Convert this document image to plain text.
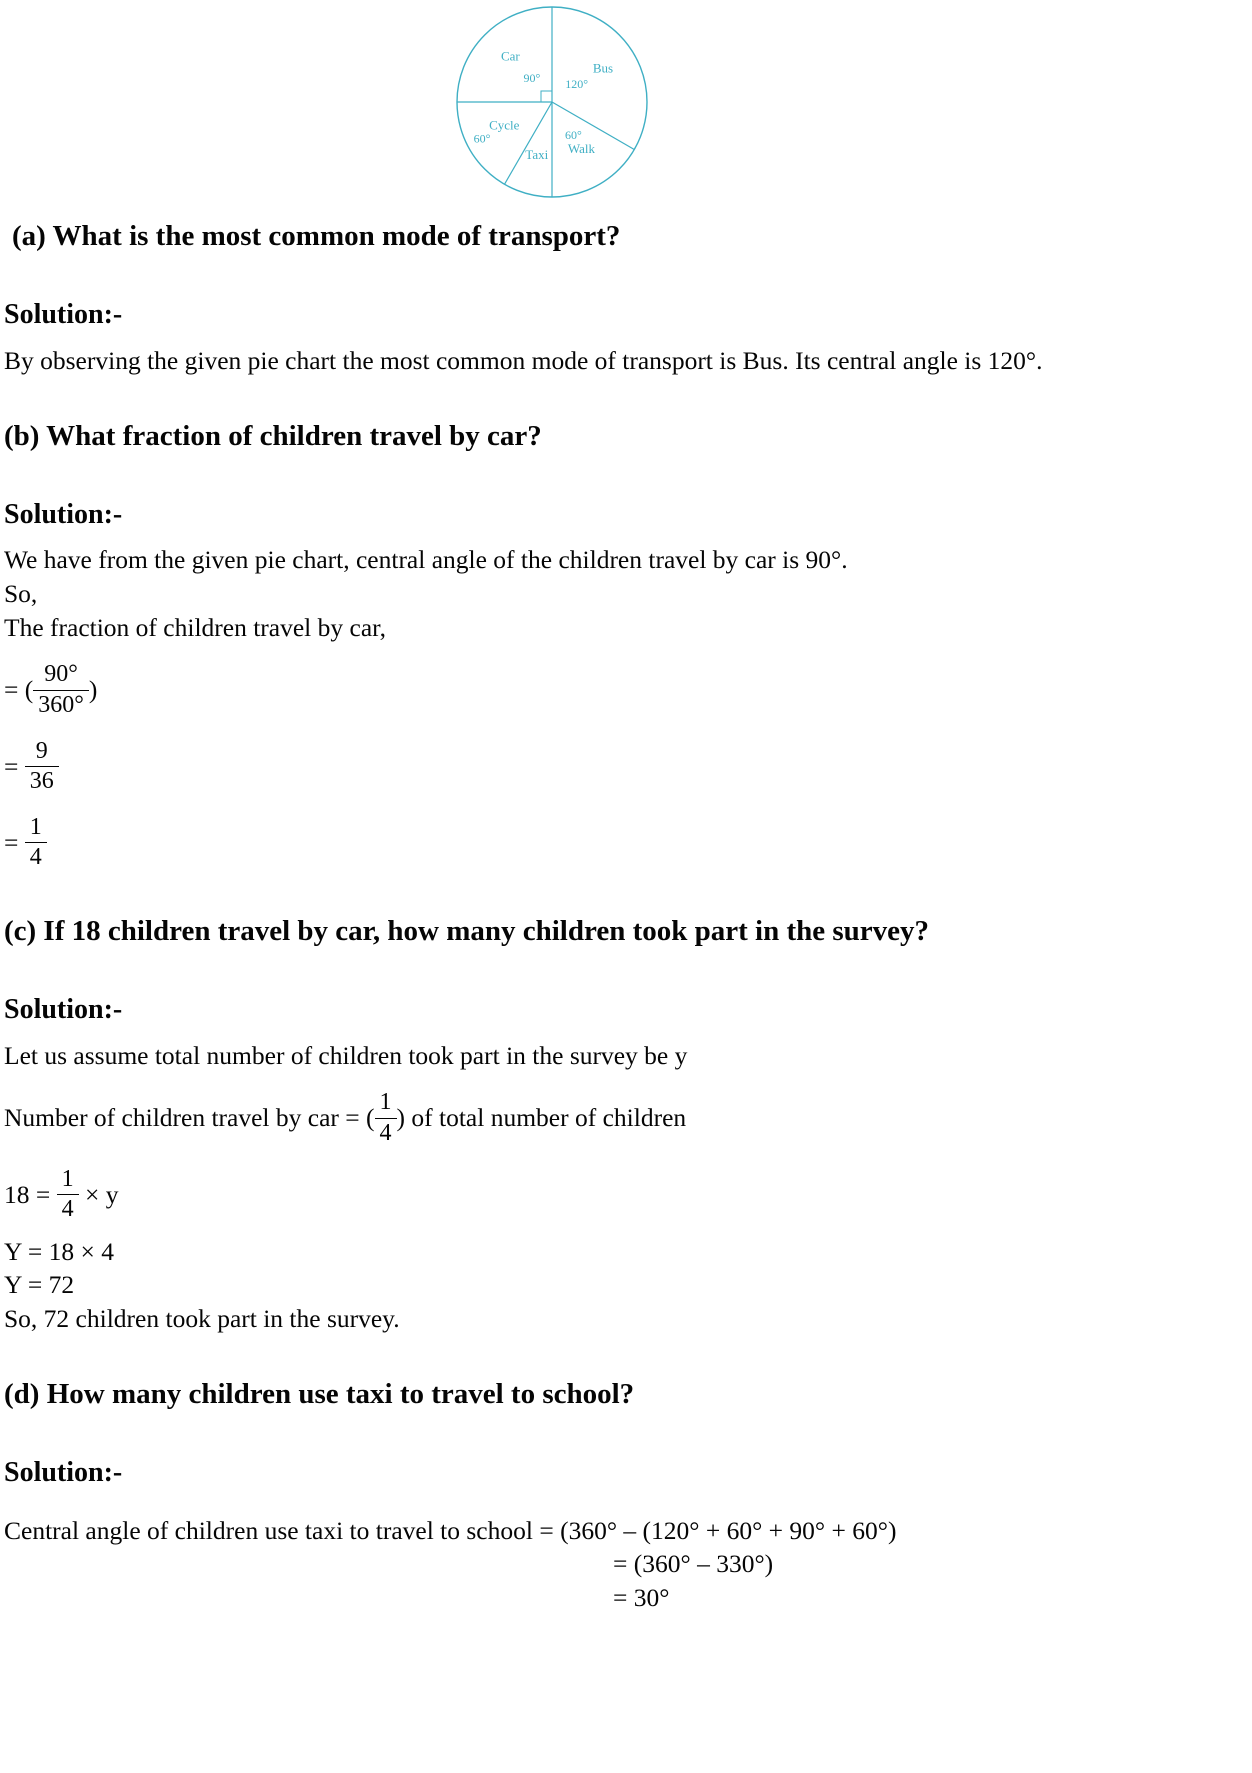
Bus
120°
Walk
60°
Taxi
Cycle
60°
Car
90°
(a) What is the most common mode of transport?
Solution:-

By observing the given pie chart the most common mode of transport is Bus. Its central angle is 120°.

(b) What fraction of children travel by car?
Solution:-

We have from the given pie chart, central angle of the children travel by car is 90°.

So,
The fraction of children travel by car,
= ( $\frac{90^\circ}{360^\circ}$ )
= $\frac{9}{36}$
= $\frac{1}{4}$
(c) If 18 children travel by car, how many children took part in the survey?
Solution:-

Let us assume total number of children took part in the survey be y

Number of children travel by car = ( $\frac{1}{4}$ ) of total number of children
$18 = \frac{1}{4} \times y$
Y = 18 × 4
Y = 72
So, 72 children took part in the survey.
(d) How many children use taxi to travel to school?
Solution:-

Central angle of children use taxi to travel to school = (360° – (120° + 60° + 90° + 60°)

= (360° – 330°)
= 30°
